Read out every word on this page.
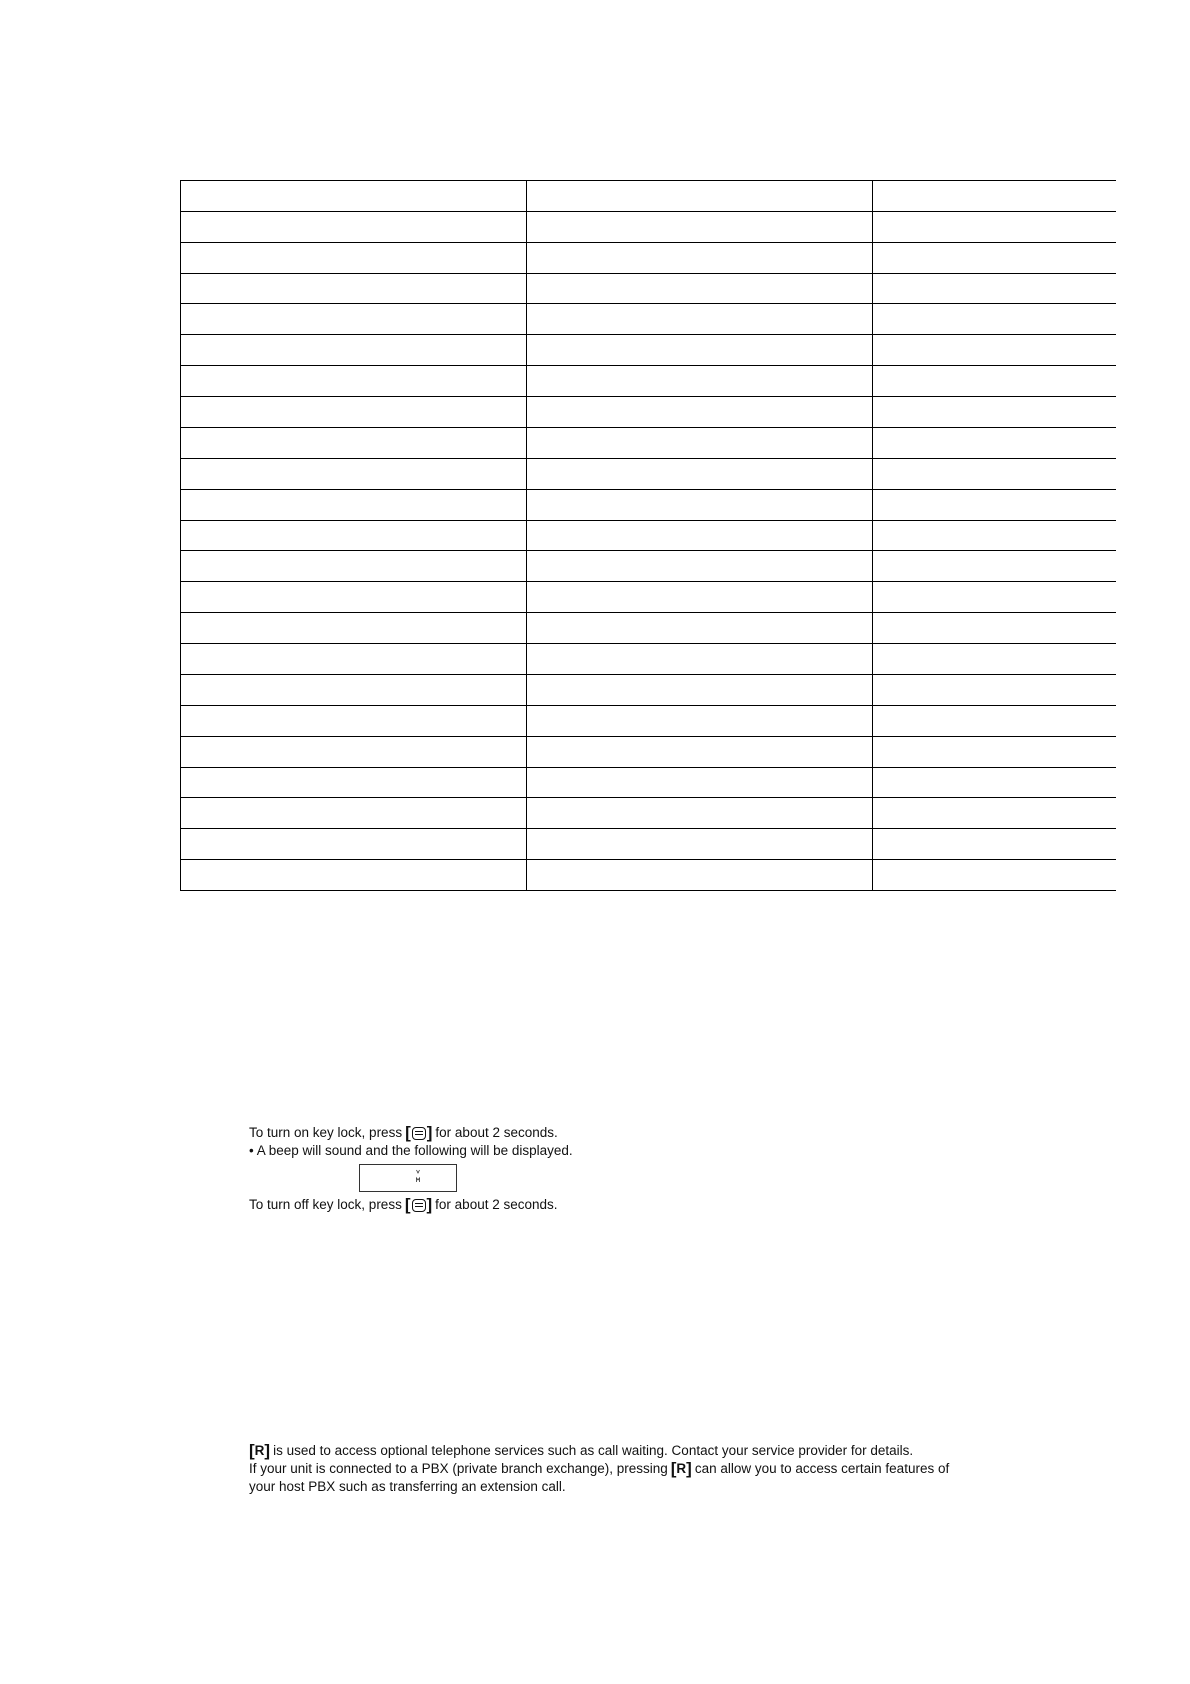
To turn on key lock, press [ ] for about 2 seconds.
• A beep will sound and the following will be displayed.
To turn off key lock, press [ ] for about 2 seconds.

[ R ] is used to access optional telephone services such as call waiting. Contact your service provider for details.

If your unit is connected to a PBX (private branch exchange), pressing [ R ] can allow you to access certain features of

your host PBX such as transferring an extension call.
